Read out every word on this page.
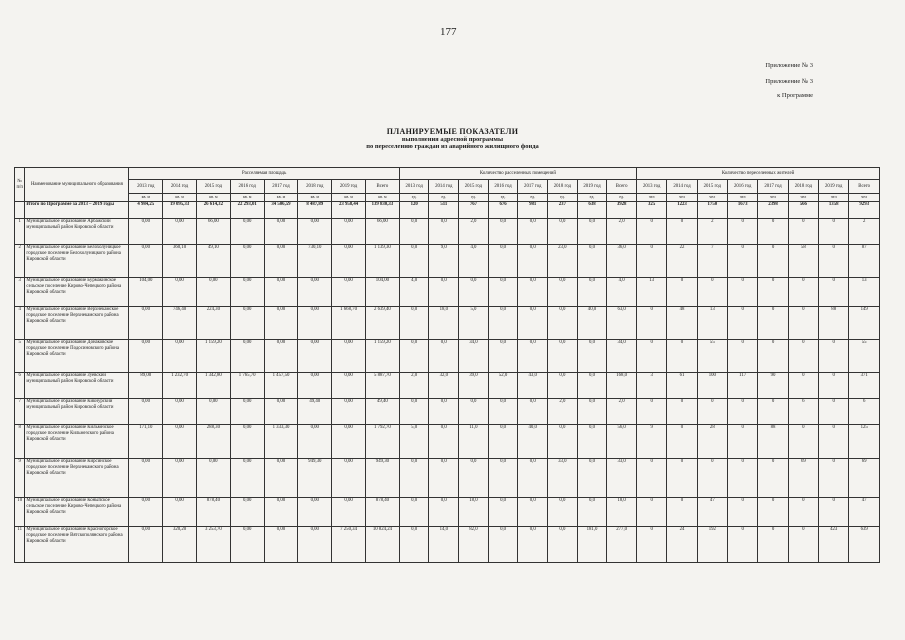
177
Приложение № 3
Приложение № 3
к Программе
ПЛАНИРУЕМЫЕ ПОКАЗАТЕЛИ
выполнения адресной программы
по переселению граждан из аварийного жилищного фонда
№ п/п	Наименование муниципального образования	Расселяемая площадь								Количество расселенных помещений								Количество переселенных жителей							
		2013 год	2014 год	2015 год	2016 год	2017 год	2018 год	2019 год	Всего	2013 год	2014 год	2015 год	2016 год	2017 год	2018 год	2019 год	Всего	2013 год	2014 год	2015 год	2016 год	2017 год	2018 год	2019 год	Всего
		кв. м	кв. м	кв. м	кв. м	кв. м	кв. м	кв. м	кв. м	ед.	ед.	ед.	ед.	ед.	ед.	ед.	ед.	чел	чел	чел	чел	чел	чел	чел	чел
	Итого по Программе за 2013 – 2019 годы	4 984,25	19 095,33	26 614,32	22 293,01	34 506,59	8 487,89	23 958,44	139 830,33	120	511	767	676	981	237	638	3928	325	1223	1750	1673	2398	566	1358	9293
1	Муниципальное образование Арбажский муниципальный район Кировской области	0,00	0,00	66,00	0,00	0,00	0,00	0,00	66,00	0,0	0,0	2,0	0,0	0,0	0,0	0,0	2,0	0	0	2	0	0	0	0	2
2	Муниципальное образование Белохолуницкое городское поселение Белохолуницкого района Кировской области	0,00	360,10	49,10	0,00	0,00	730,10	0,00	1 139,30	0,0	9,0	4,0	0,0	0,0	23,0	0,0	36,0	0	22	7	0	0	58	0	87
3	Муниципальное образование Бурмакинское сельское поселение Кирово-Чепецкого района Кировской области	104,00	0,00	0,00	0,00	0,00	0,00	0,00	104,00	4,0	0,0	0,0	0,0	0,0	0,0	0,0	4,0	13	0	0	0	0	0	0	13
4	Муниципальное образование Верхнекамское городское поселение Верхнекамского района Кировской области	0,00	746,40	224,30	0,00	0,00	0,00	1 668,70	2 639,40	0,0	18,0	5,0	0,0	0,0	0,0	40,0	63,0	0	48	13	0	0	0	88	149
5	Муниципальное образование Донаковское городское поселение Подосиновского района Кировской области	0,00	0,00	1 159,20	0,00	0,00	0,00	0,00	1 159,20	0,0	0,0	34,0	0,0	0,0	0,0	0,0	34,0	0	0	55	0	0	0	0	55
6	Муниципальное образование Зуевский муниципальный район Кировской области	89,00	1 232,70	1 342,80	1 765,70	1 457,50	0,00	0,00	5 887,70	2,0	32,0	39,0	52,0	43,0	0,0	0,0	168,0	3	61	100	117	90	0	0	371
7	Муниципальное образование Кикнурский муниципальный район Кировской области	0,00	0,00	0,00	0,00	0,00	49,40	0,00	49,40	0,0	0,0	0,0	0,0	0,0	2,0	0,0	2,0	0	0	0	0	0	6	0	6
8	Муниципальное образование Кильмезское городское поселение Кильмезского района Кировской области	171,10	0,00	288,30	0,00	1 333,30	0,00	0,00	1 792,70	5,0	0,0	11,0	0,0	40,0	0,0	0,0	56,0	9	0	28	0	88	0	0	125
9	Муниципальное образование Кирсинское городское поселение Верхнекамского района Кировской области	0,00	0,00	0,00	0,00	0,00	949,30	0,00	949,30	0,0	0,0	0,0	0,0	0,0	33,0	0,0	33,0	0	0	0	0	0	69	0	69
10	Муниципальное образование Коныпское сельское поселение Кирово-Чепецкого района Кировской области	0,00	0,00	878,40	0,00	0,00	0,00	0,00	878,40	0,0	0,0	18,0	0,0	0,0	0,0	0,0	18,0	0	0	47	0	0	0	0	47
11	Муниципальное образование Красногорское городское поселение Вятскополянского района Кировской области	0,00	320,20	3 253,70	0,00	0,00	0,00	7 250,34	10 824,24	0,0	14,0	82,0	0,0	0,0	0,0	181,0	277,0	0	24	192	0	0	0	423	639
